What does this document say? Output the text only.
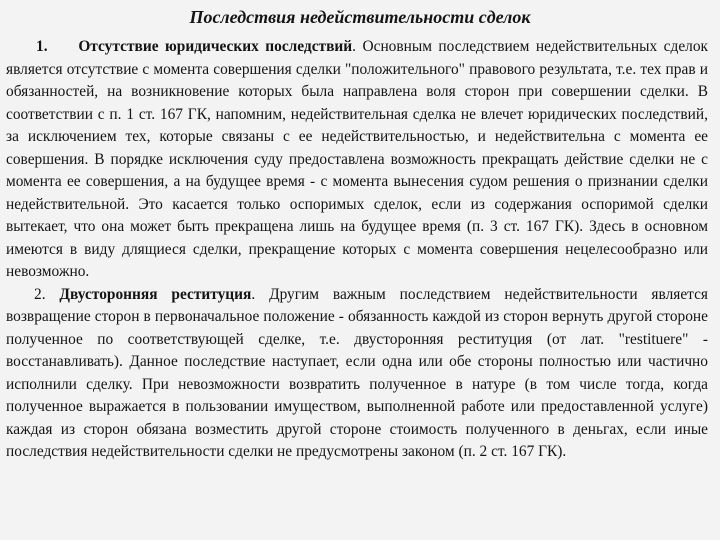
Последствия недействительности сделок

1.   Отсутствие юридических последствий. Основным последствием недействительных сделок является отсутствие с момента совершения сделки "положительного" правового результата, т.е. тех прав и обязанностей, на возникновение которых была направлена воля сторон при совершении сделки. В соответствии с п. 1 ст. 167 ГК, напомним, недействительная сделка не влечет юридических последствий, за исключением тех, которые связаны с ее недействительностью, и недействительна с момента ее совершения. В порядке исключения суду предоставлена возможность прекращать действие сделки не с момента ее совершения, а на будущее время - с момента вынесения судом решения о признании сделки недействительной. Это касается только оспоримых сделок, если из содержания оспоримой сделки вытекает, что она может быть прекращена лишь на будущее время (п. 3 ст. 167 ГК). Здесь в основном имеются в виду длящиеся сделки, прекращение которых с момента совершения нецелесообразно или невозможно.

2. Двусторонняя реституция. Другим важным последствием недействительности является возвращение сторон в первоначальное положение - обязанность каждой из сторон вернуть другой стороне полученное по соответствующей сделке, т.е. двусторонняя реституция (от лат. "restituere" - восстанавливать). Данное последствие наступает, если одна или обе стороны полностью или частично исполнили сделку. При невозможности возвратить полученное в натуре (в том числе тогда, когда полученное выражается в пользовании имуществом, выполненной работе или предоставленной услуге) каждая из сторон обязана возместить другой стороне стоимость полученного в деньгах, если иные последствия недействительности сделки не предусмотрены законом (п. 2 ст. 167 ГК).
